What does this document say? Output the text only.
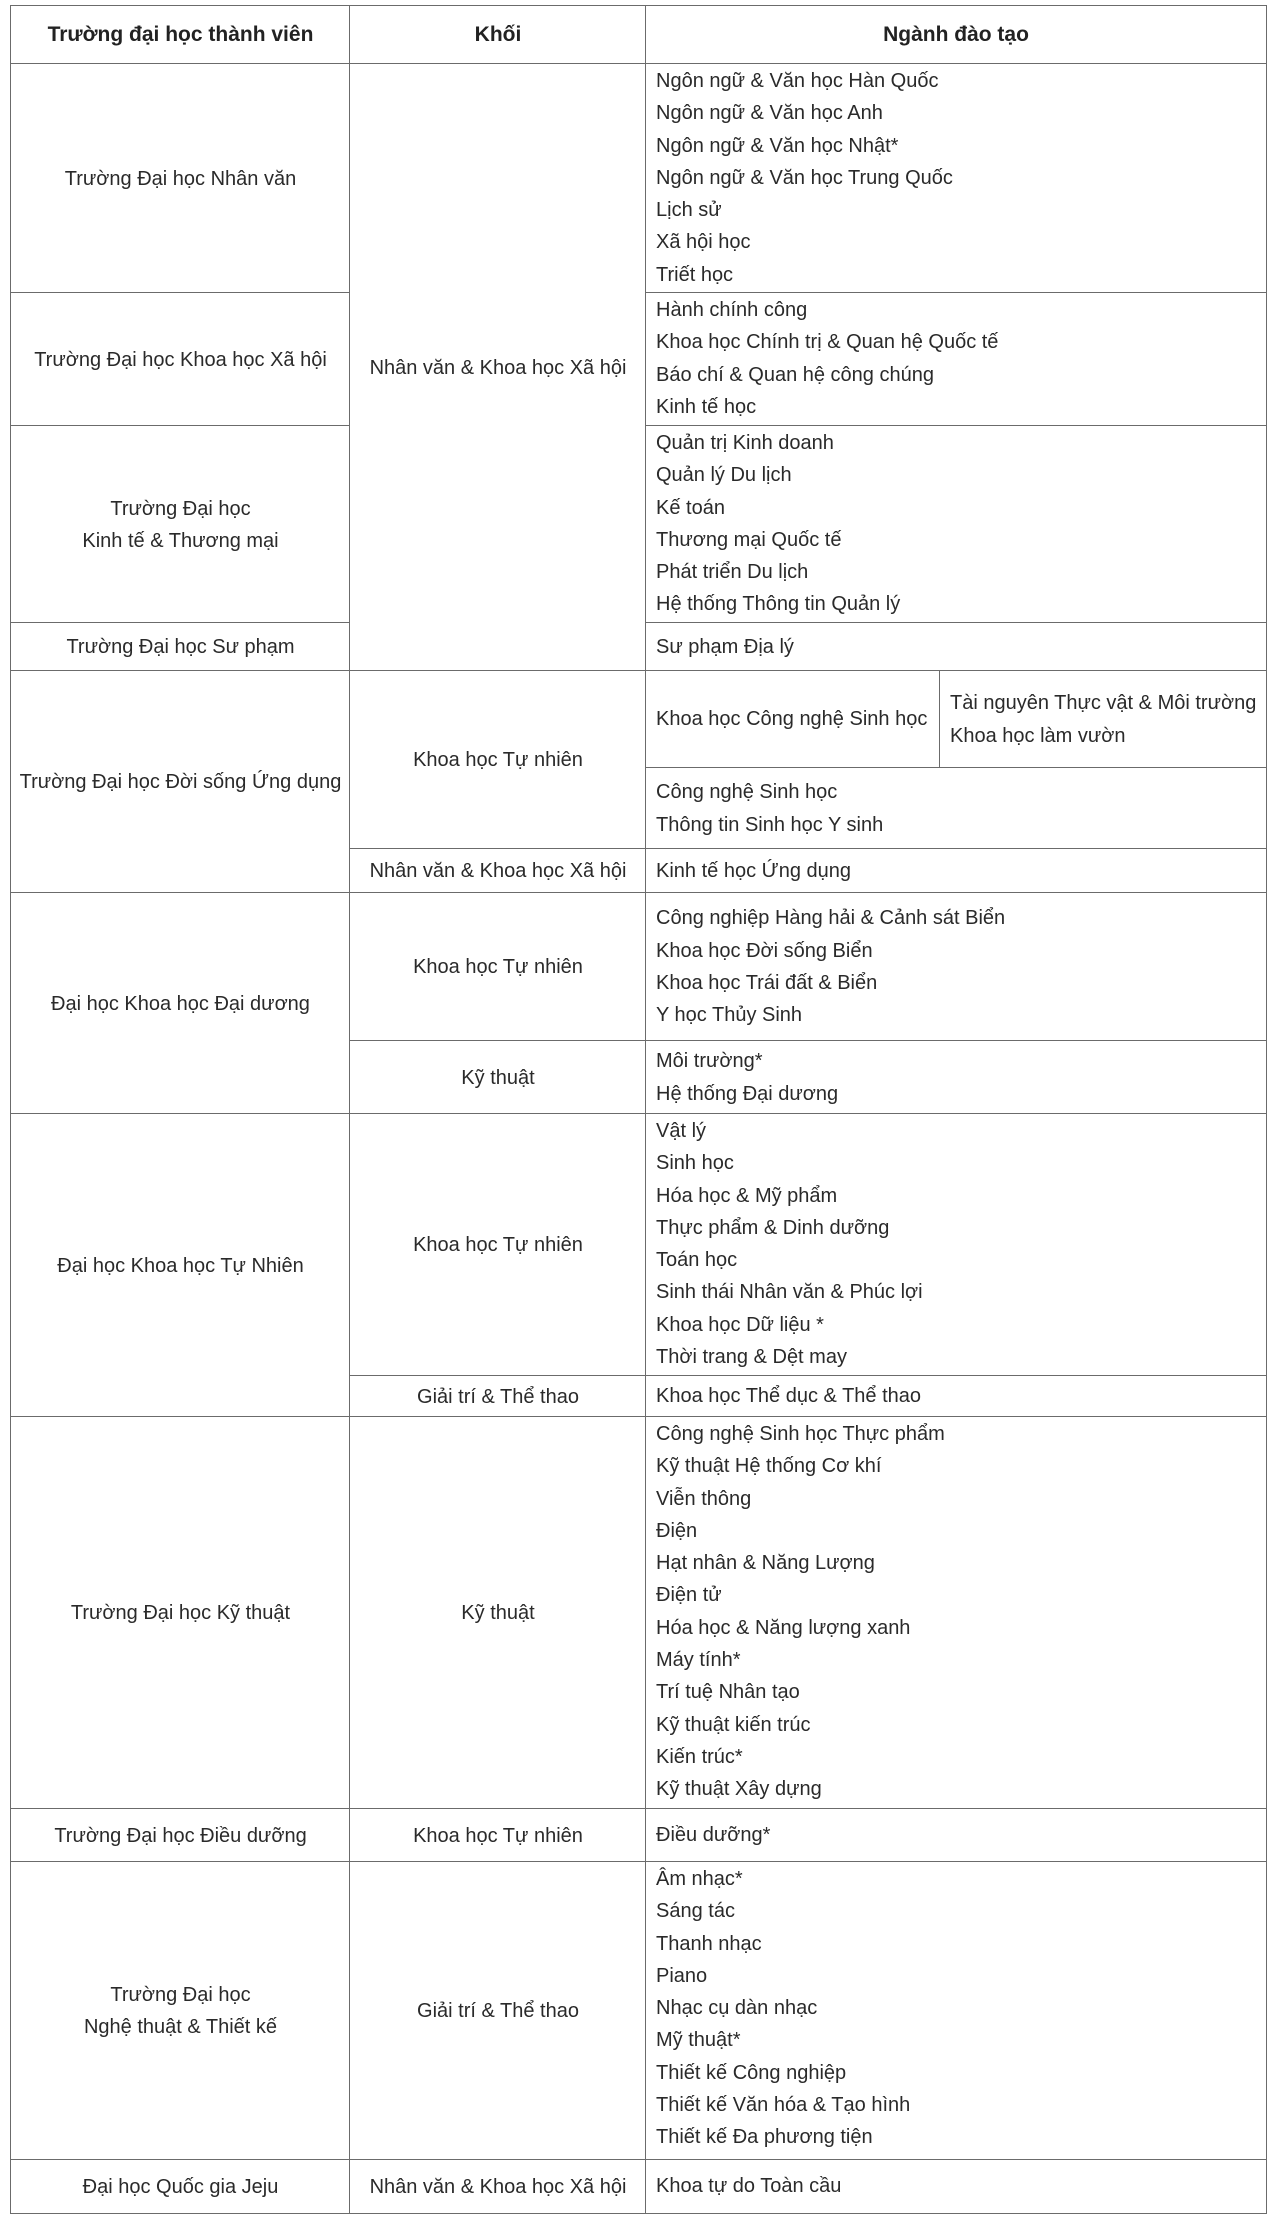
Trường đại học thành viên	Khối	Ngành đào tạo
Trường Đại học Nhân văn
Trường Đại học Khoa học Xã hội
Trường Đại học
Kinh tế & Thương mại
Trường Đại học Sư phạm
Trường Đại học Đời sống Ứng dụng
Đại học Khoa học Đại dương
Đại học Khoa học Tự Nhiên
Trường Đại học Kỹ thuật
Trường Đại học Điều dưỡng
Trường Đại học
Nghệ thuật & Thiết kế
Đại học Quốc gia Jeju
Nhân văn & Khoa học Xã hội
Khoa học Tự nhiên
Nhân văn & Khoa học Xã hội
Khoa học Tự nhiên
Kỹ thuật
Khoa học Tự nhiên
Giải trí & Thể thao
Kỹ thuật
Khoa học Tự nhiên
Giải trí & Thể thao
Nhân văn & Khoa học Xã hội
Ngôn ngữ & Văn học Hàn Quốc
Ngôn ngữ & Văn học Anh
Ngôn ngữ & Văn học Nhật*
Ngôn ngữ & Văn học Trung Quốc
Lịch sử
Xã hội học
Triết học
Hành chính công
Khoa học Chính trị & Quan hệ Quốc tế
Báo chí & Quan hệ công chúng
Kinh tế học
Quản trị Kinh doanh
Quản lý Du lịch
Kế toán
Thương mại Quốc tế
Phát triển Du lịch
Hệ thống Thông tin Quản lý
Sư phạm Địa lý
Khoa học Công nghệ Sinh học
Tài nguyên Thực vật & Môi trường
Khoa học làm vườn
Công nghệ Sinh học
Thông tin Sinh học Y sinh
Kinh tế học Ứng dụng
Công nghiệp Hàng hải & Cảnh sát Biển
Khoa học Đời sống Biển
Khoa học Trái đất & Biển
Y học Thủy Sinh
Môi trường*
Hệ thống Đại dương
Vật lý
Sinh học
Hóa học & Mỹ phẩm
Thực phẩm & Dinh dưỡng
Toán học
Sinh thái Nhân văn & Phúc lợi
Khoa học Dữ liệu *
Thời trang & Dệt may
Khoa học Thể dục & Thể thao
Công nghệ Sinh học Thực phẩm
Kỹ thuật Hệ thống Cơ khí
Viễn thông
Điện
Hạt nhân & Năng Lượng
Điện tử
Hóa học & Năng lượng xanh
Máy tính*
Trí tuệ Nhân tạo
Kỹ thuật kiến trúc
Kiến trúc*
Kỹ thuật Xây dựng
Điều dưỡng*
Âm nhạc*
Sáng tác
Thanh nhạc
Piano
Nhạc cụ dàn nhạc
Mỹ thuật*
Thiết kế Công nghiệp
Thiết kế Văn hóa & Tạo hình
Thiết kế Đa phương tiện
Khoa tự do Toàn cầu
